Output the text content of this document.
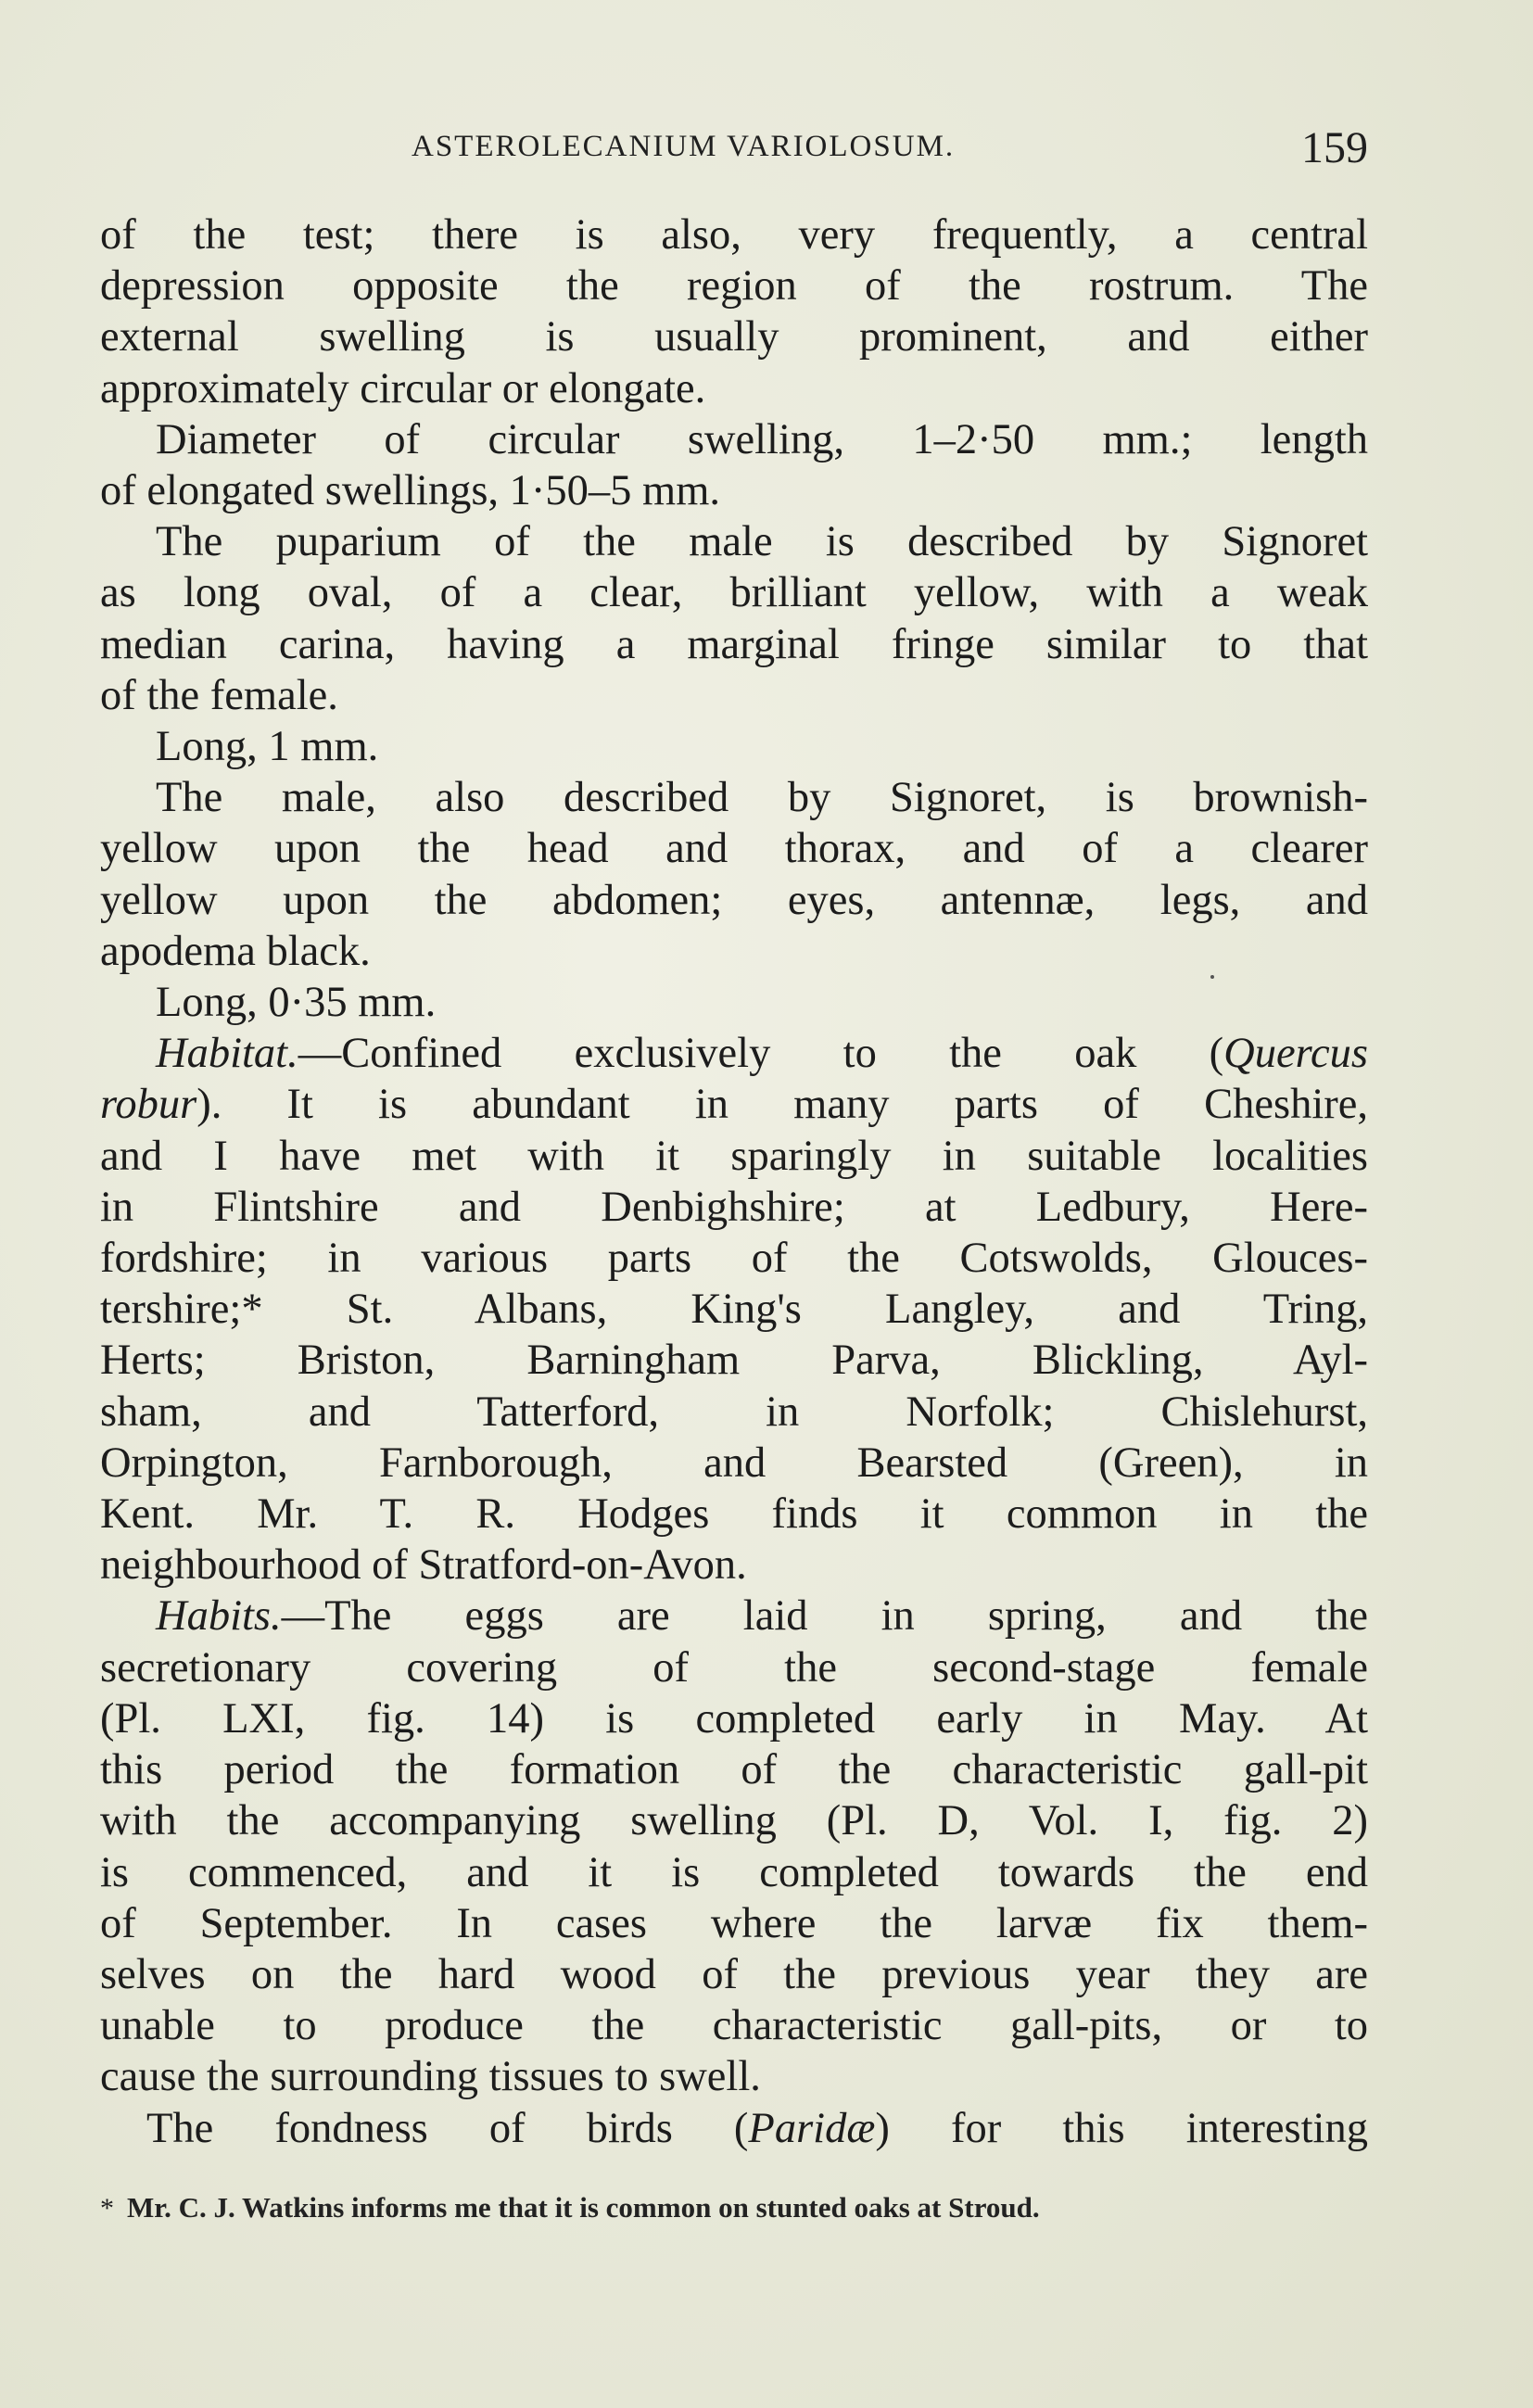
ASTEROLECANIUM VARIOLOSUM.	159

of the test; there is also, very frequently, a central
depression opposite the region of the rostrum. The
external swelling is usually prominent, and either
approximately circular or elongate.

Diameter of circular swelling, 1–2·50 mm.; length
of elongated swellings, 1·50–5 mm.

The puparium of the male is described by Signoret
as long oval, of a clear, brilliant yellow, with a weak
median carina, having a marginal fringe similar to that
of the female.

Long, 1 mm.

The male, also described by Signoret, is brownish-
yellow upon the head and thorax, and of a clearer
yellow upon the abdomen; eyes, antennæ, legs, and
apodema black.

Long, 0·35 mm.

Habitat.—Confined exclusively to the oak (Quercus
robur). It is abundant in many parts of Cheshire,
and I have met with it sparingly in suitable localities
in Flintshire and Denbighshire; at Ledbury, Here-
fordshire; in various parts of the Cotswolds, Glouces-
tershire;* St. Albans, King's Langley, and Tring,
Herts; Briston, Barningham Parva, Blickling, Ayl-
sham, and Tatterford, in Norfolk; Chislehurst,
Orpington, Farnborough, and Bearsted (Green), in
Kent. Mr. T. R. Hodges finds it common in the
neighbourhood of Stratford-on-Avon.

Habits.—The eggs are laid in spring, and the
secretionary covering of the second-stage female
(Pl. LXI, fig. 14) is completed early in May. At
this period the formation of the characteristic gall-pit
with the accompanying swelling (Pl. D, Vol. I, fig. 2)
is commenced, and it is completed towards the end
of September. In cases where the larvæ fix them-
selves on the hard wood of the previous year they are
unable to produce the characteristic gall-pits, or to
cause the surrounding tissues to swell.

The fondness of birds (Paridæ) for this interesting

* Mr. C. J. Watkins informs me that it is common on stunted oaks at Stroud.
